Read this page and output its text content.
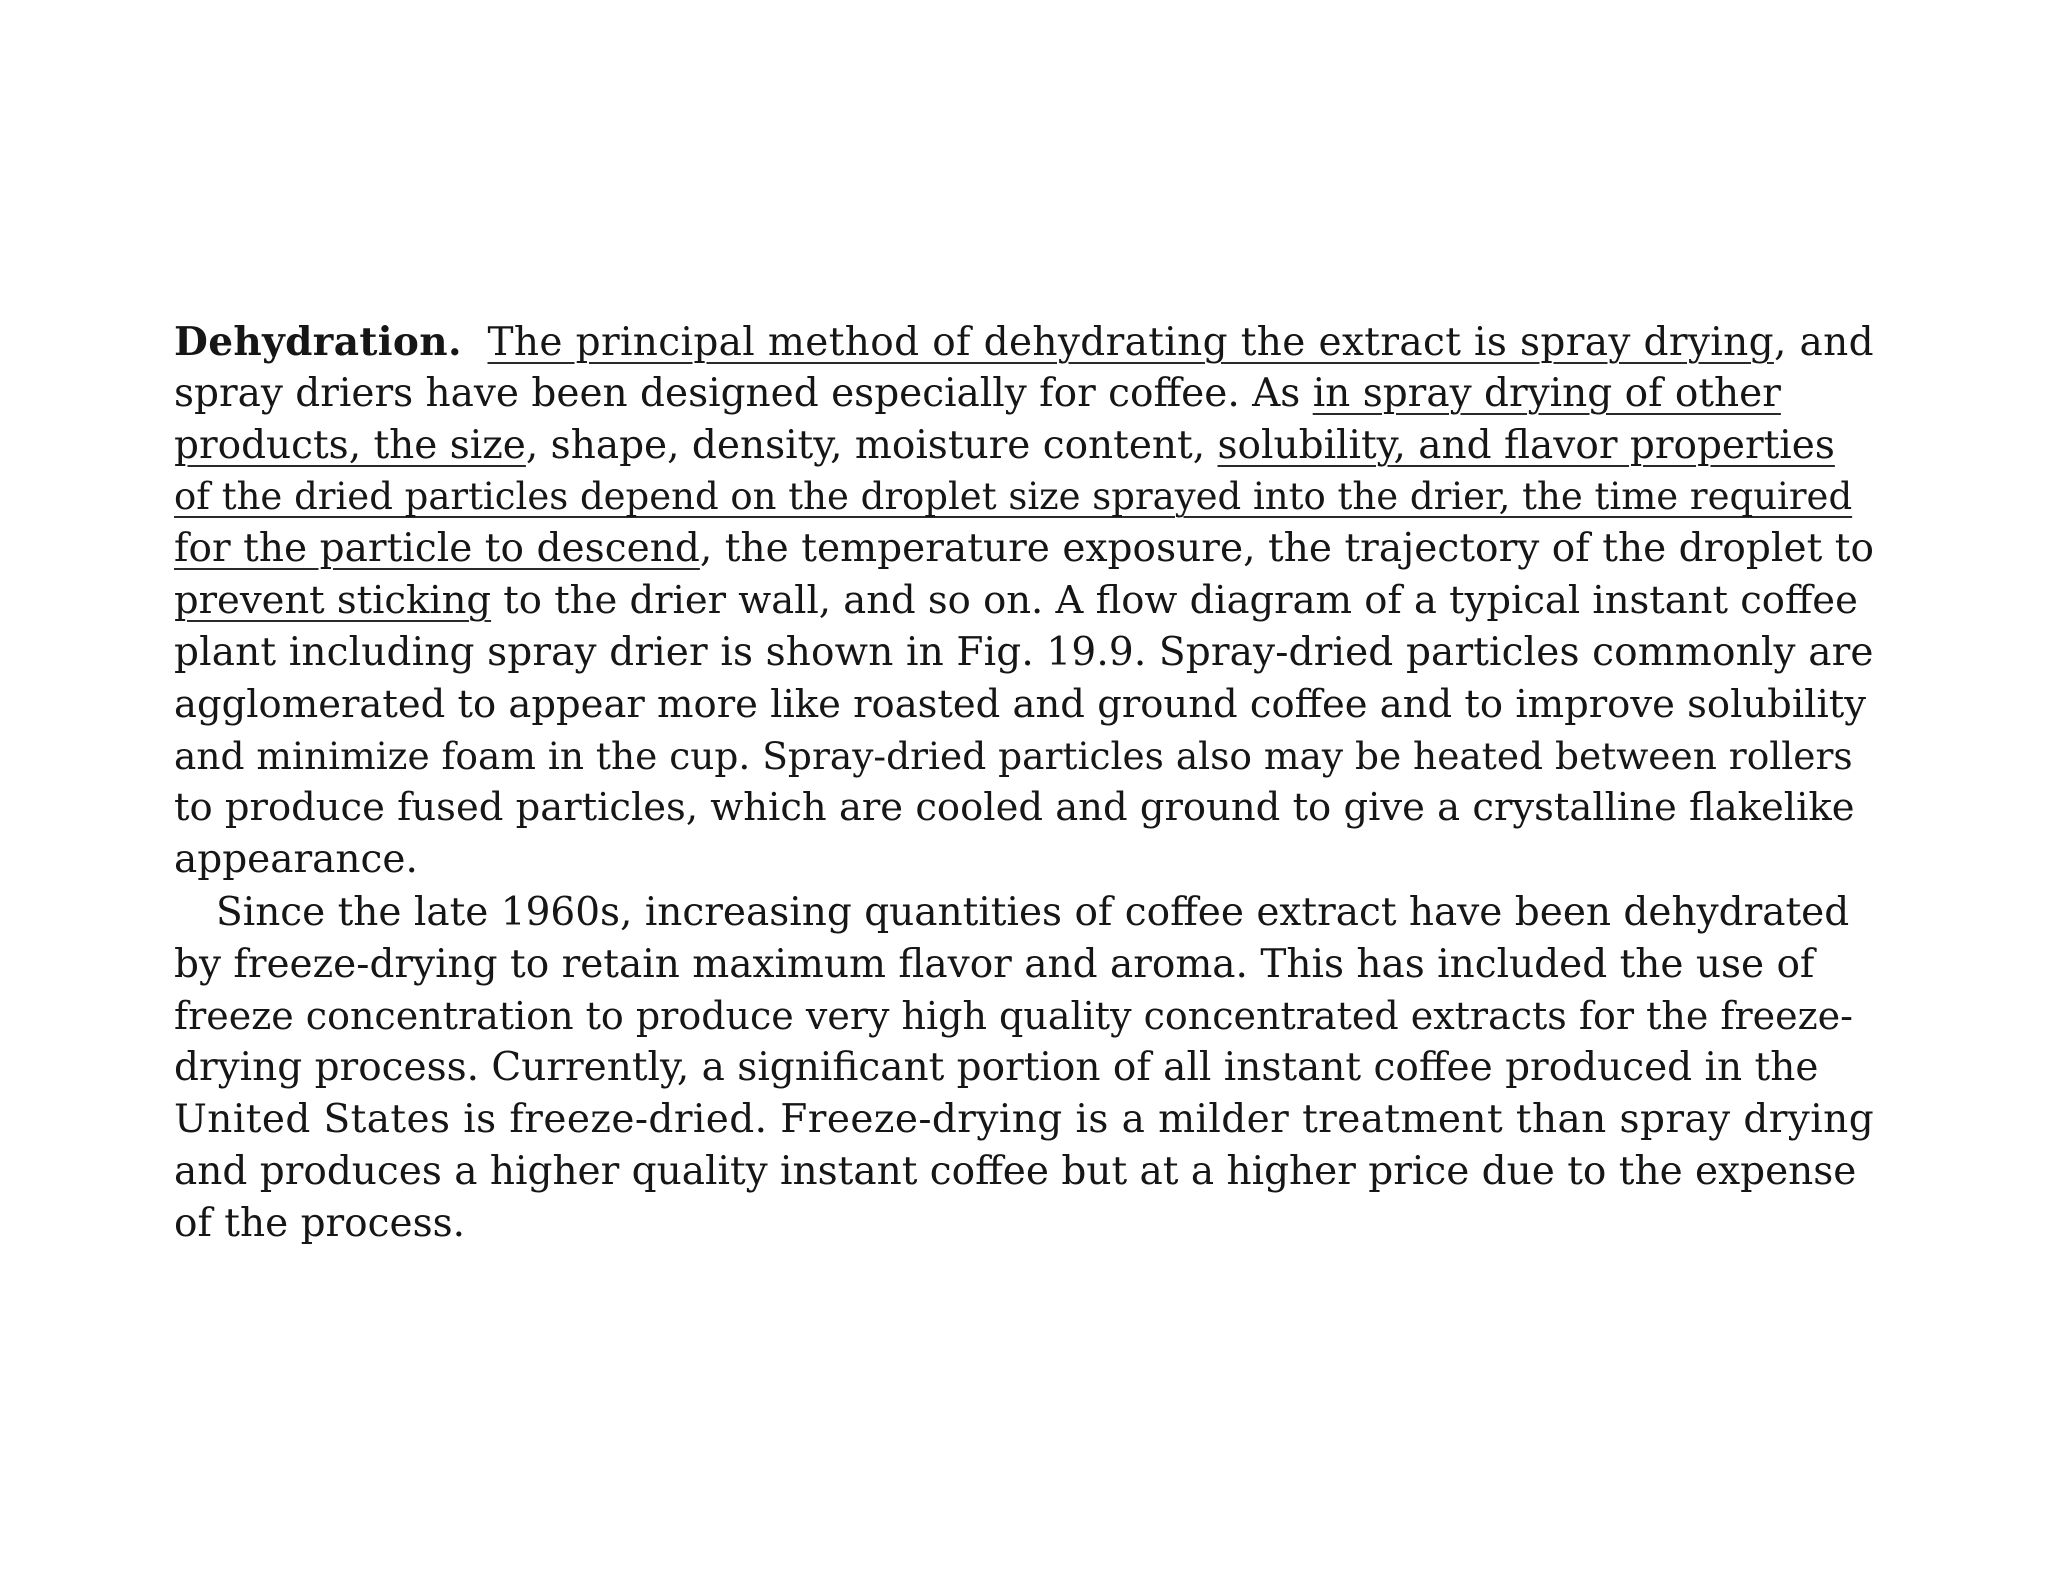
Dehydration. The principal method of dehydrating the extract is spray drying, and
spray driers have been designed especially for coffee. As in spray drying of other
products, the size, shape, density, moisture content, solubility, and flavor properties
of the dried particles depend on the droplet size sprayed into the drier, the time required
for the particle to descend, the temperature exposure, the trajectory of the droplet to
prevent sticking to the drier wall, and so on. A flow diagram of a typical instant coffee
plant including spray drier is shown in Fig. 19.9. Spray-dried particles commonly are
agglomerated to appear more like roasted and ground coffee and to improve solubility
and minimize foam in the cup. Spray-dried particles also may be heated between rollers
to produce fused particles, which are cooled and ground to give a crystalline flakelike
appearance.
Since the late 1960s, increasing quantities of coffee extract have been dehydrated
by freeze-drying to retain maximum flavor and aroma. This has included the use of
freeze concentration to produce very high quality concentrated extracts for the freeze-
drying process. Currently, a significant portion of all instant coffee produced in the
United States is freeze-dried. Freeze-drying is a milder treatment than spray drying
and produces a higher quality instant coffee but at a higher price due to the expense
of the process.
